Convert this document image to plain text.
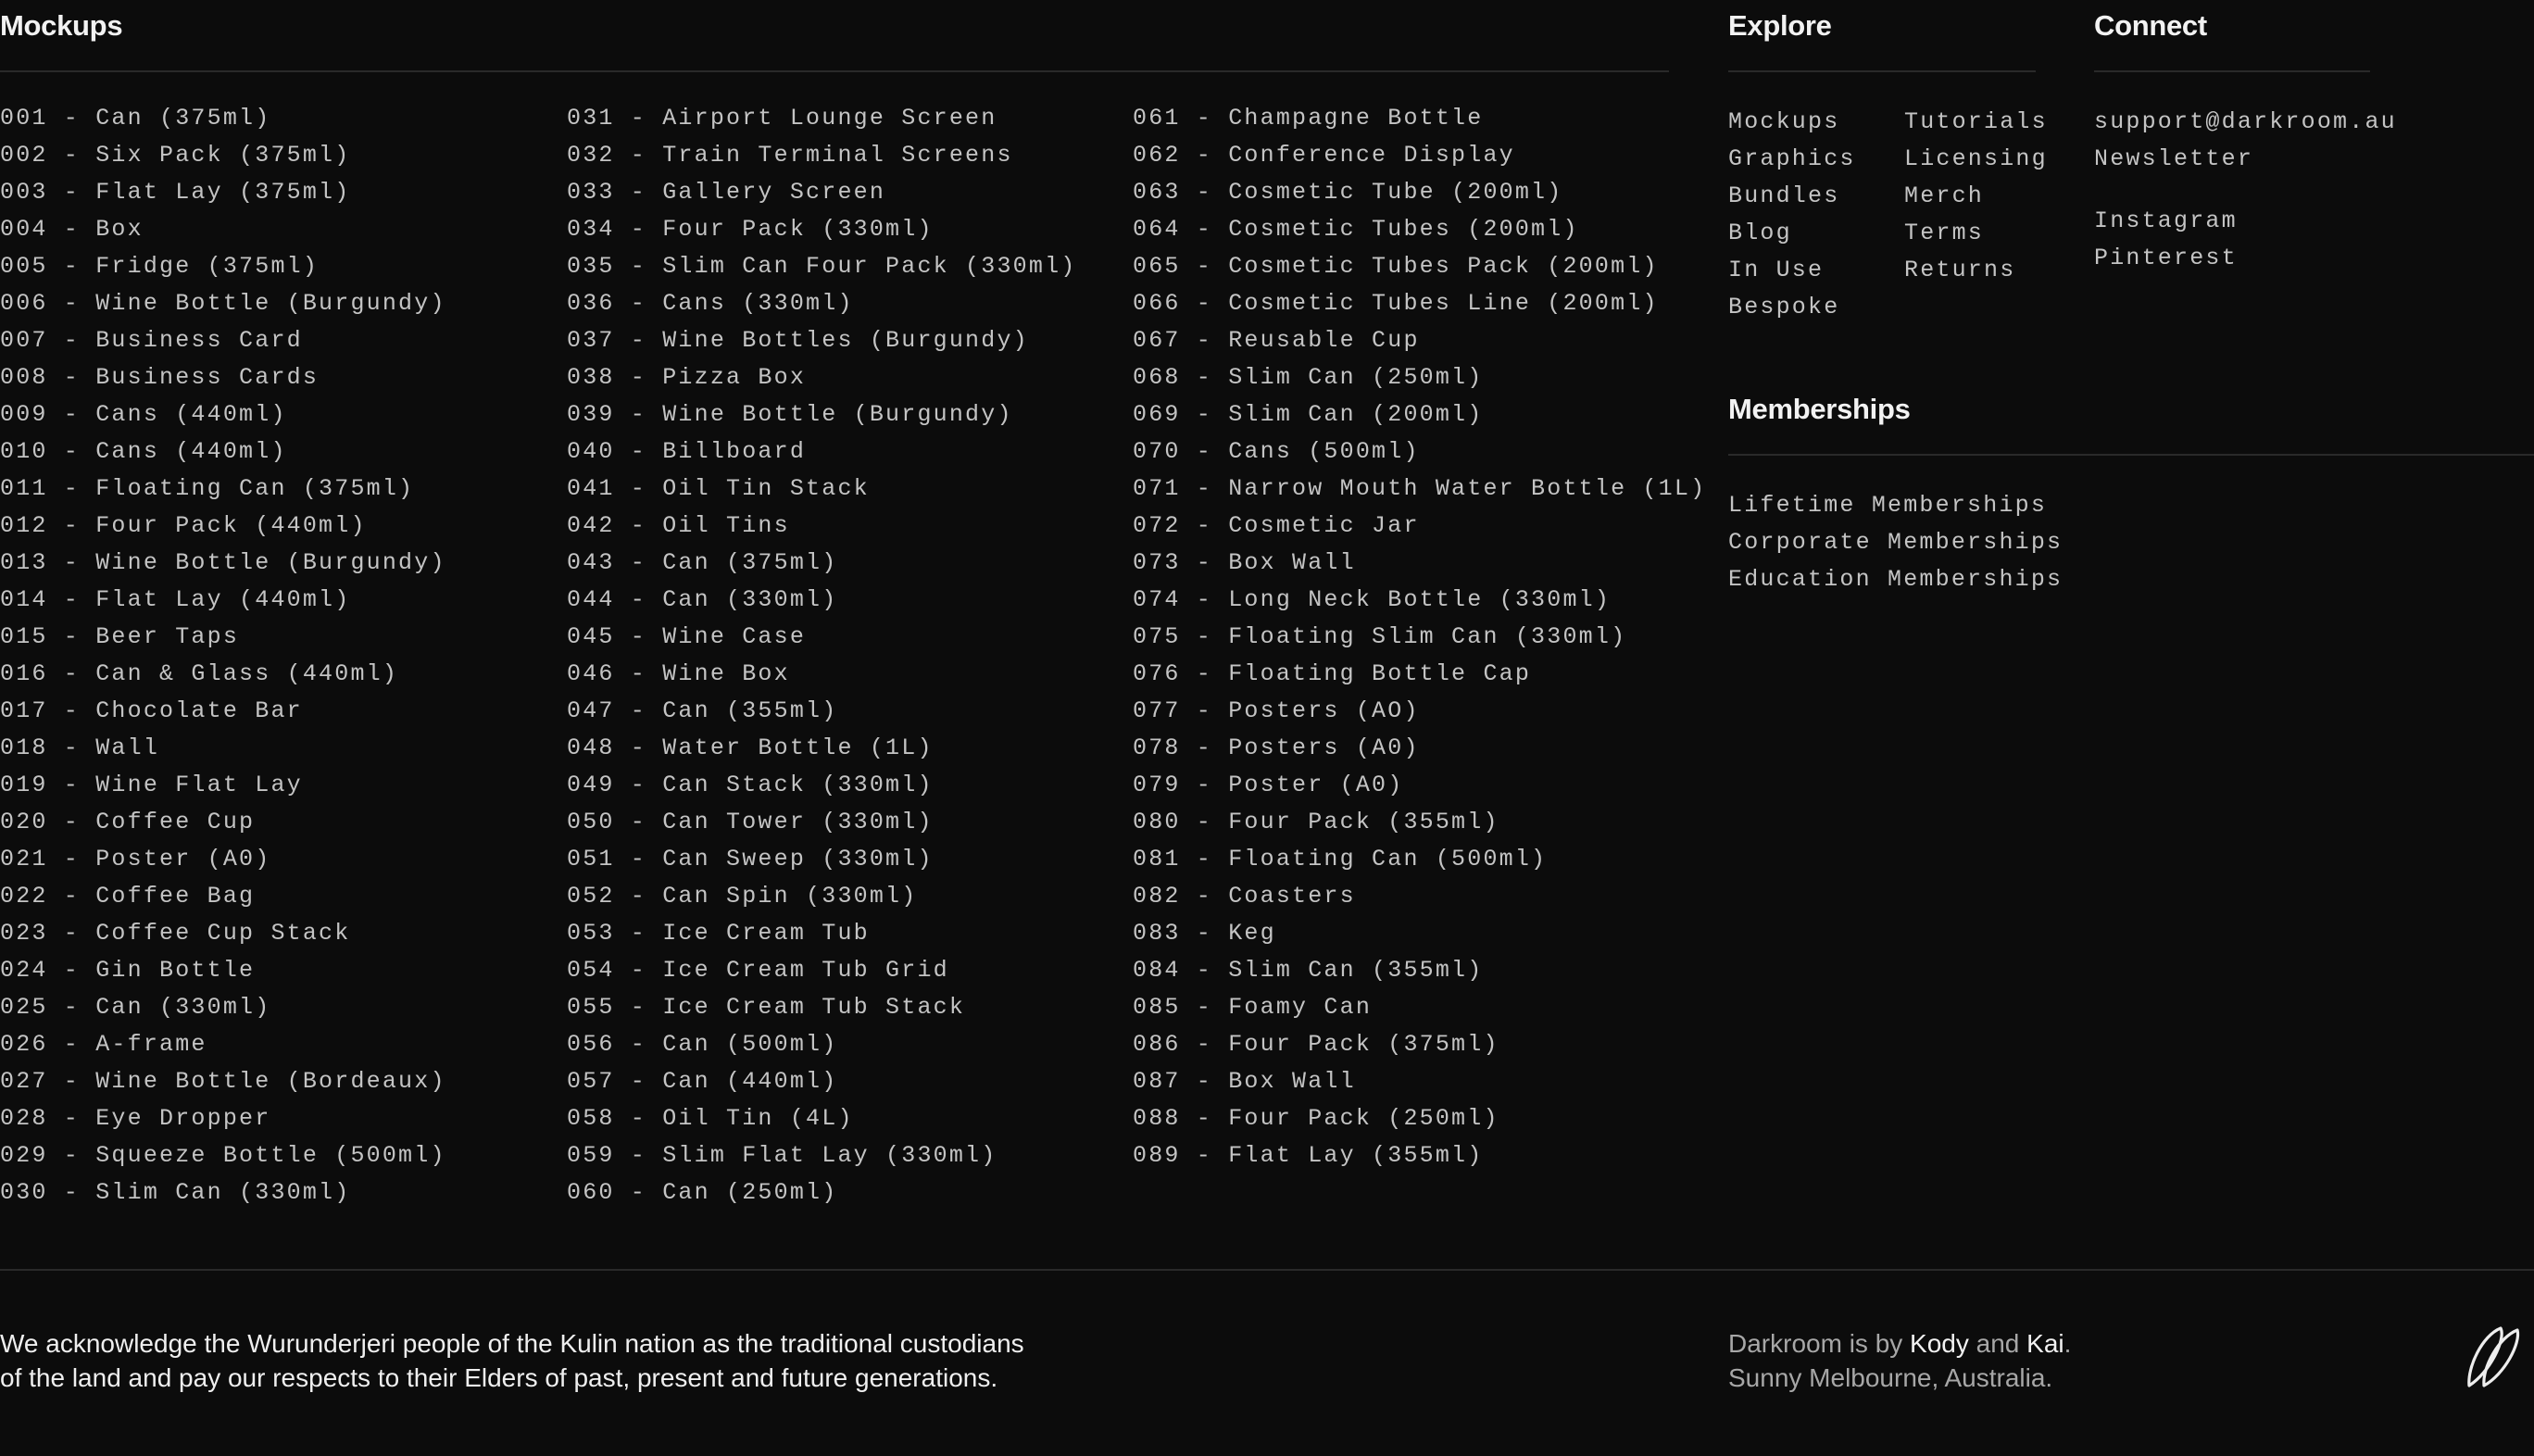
Mockups
001 - Can (375ml)
002 - Six Pack (375ml)
003 - Flat Lay (375ml)
004 - Box
005 - Fridge (375ml)
006 - Wine Bottle (Burgundy)
007 - Business Card
008 - Business Cards
009 - Cans (440ml)
010 - Cans (440ml)
011 - Floating Can (375ml)
012 - Four Pack (440ml)
013 - Wine Bottle (Burgundy)
014 - Flat Lay (440ml)
015 - Beer Taps
016 - Can & Glass (440ml)
017 - Chocolate Bar
018 - Wall
019 - Wine Flat Lay
020 - Coffee Cup
021 - Poster (A0)
022 - Coffee Bag
023 - Coffee Cup Stack
024 - Gin Bottle
025 - Can (330ml)
026 - A-frame
027 - Wine Bottle (Bordeaux)
028 - Eye Dropper
029 - Squeeze Bottle (500ml)
030 - Slim Can (330ml)
031 - Airport Lounge Screen
032 - Train Terminal Screens
033 - Gallery Screen
034 - Four Pack (330ml)
035 - Slim Can Four Pack (330ml)
036 - Cans (330ml)
037 - Wine Bottles (Burgundy)
038 - Pizza Box
039 - Wine Bottle (Burgundy)
040 - Billboard
041 - Oil Tin Stack
042 - Oil Tins
043 - Can (375ml)
044 - Can (330ml)
045 - Wine Case
046 - Wine Box
047 - Can (355ml)
048 - Water Bottle (1L)
049 - Can Stack (330ml)
050 - Can Tower (330ml)
051 - Can Sweep (330ml)
052 - Can Spin (330ml)
053 - Ice Cream Tub
054 - Ice Cream Tub Grid
055 - Ice Cream Tub Stack
056 - Can (500ml)
057 - Can (440ml)
058 - Oil Tin (4L)
059 - Slim Flat Lay (330ml)
060 - Can (250ml)
061 - Champagne Bottle
062 - Conference Display
063 - Cosmetic Tube (200ml)
064 - Cosmetic Tubes (200ml)
065 - Cosmetic Tubes Pack (200ml)
066 - Cosmetic Tubes Line (200ml)
067 - Reusable Cup
068 - Slim Can (250ml)
069 - Slim Can (200ml)
070 - Cans (500ml)
071 - Narrow Mouth Water Bottle (1L)
072 - Cosmetic Jar
073 - Box Wall
074 - Long Neck Bottle (330ml)
075 - Floating Slim Can (330ml)
076 - Floating Bottle Cap
077 - Posters (AO)
078 - Posters (A0)
079 - Poster (A0)
080 - Four Pack (355ml)
081 - Floating Can (500ml)
082 - Coasters
083 - Keg
084 - Slim Can (355ml)
085 - Foamy Can
086 - Four Pack (375ml)
087 - Box Wall
088 - Four Pack (250ml)
089 - Flat Lay (355ml)
Explore
Mockups
Graphics
Bundles
Blog
In Use
Bespoke
Tutorials
Licensing
Merch
Terms
Returns
Connect
support@darkroom.au
Newsletter
Instagram
Pinterest
Memberships
Lifetime Memberships
Corporate Memberships
Education Memberships
We acknowledge the Wurunderjeri people of the Kulin nation as the traditional custodians
of the land and pay our respects to their Elders of past, present and future generations.
Darkroom is by Kody and Kai.
Sunny Melbourne, Australia.
